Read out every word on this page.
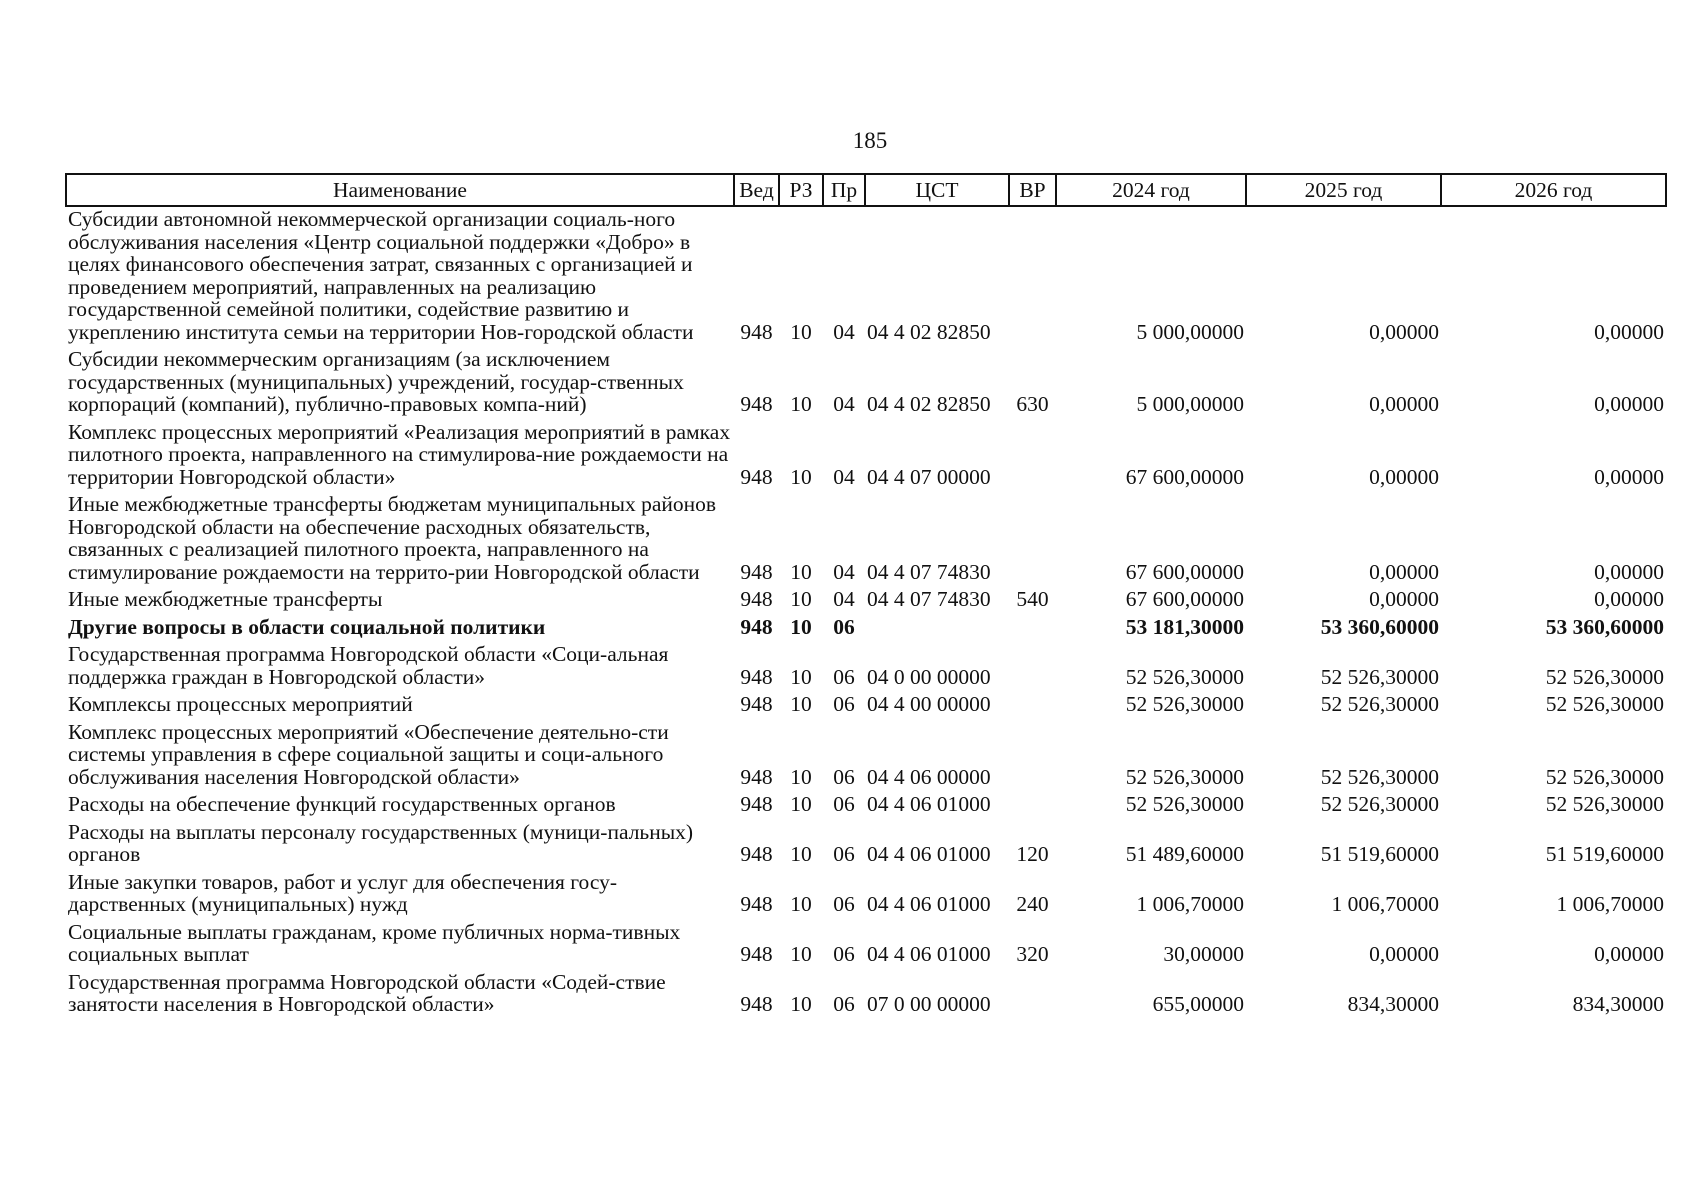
185
Наименование	Вед	РЗ	Пр	ЦСТ	ВР	2024 год	2025 год	2026 год
Субсидии автономной некоммерческой организации социаль-ного обслуживания населения «Центр социальной поддержки «Добро» в целях финансового обеспечения затрат, связанных с организацией и проведением мероприятий, направленных на реализацию государственной семейной политики, содействие развитию и укреплению института семьи на территории Нов-городской области	948	10	04	04 4 02 82850		5 000,00000	0,00000	0,00000
Субсидии некоммерческим организациям (за исключением государственных (муниципальных) учреждений, государ-ственных корпораций (компаний), публично-правовых компа-ний)	948	10	04	04 4 02 82850	630	5 000,00000	0,00000	0,00000
Комплекс процессных мероприятий «Реализация мероприятий в рамках пилотного проекта, направленного на стимулирова-ние рождаемости на территории Новгородской области»	948	10	04	04 4 07 00000		67 600,00000	0,00000	0,00000
Иные межбюджетные трансферты бюджетам муниципальных районов Новгородской области на обеспечение расходных обязательств, связанных с реализацией пилотного проекта, направленного на стимулирование рождаемости на террито-рии Новгородской области	948	10	04	04 4 07 74830		67 600,00000	0,00000	0,00000
Иные межбюджетные трансферты	948	10	04	04 4 07 74830	540	67 600,00000	0,00000	0,00000
Другие вопросы в области социальной политики	948	10	06			53 181,30000	53 360,60000	53 360,60000
Государственная программа Новгородской области «Соци-альная поддержка граждан в Новгородской области»	948	10	06	04 0 00 00000		52 526,30000	52 526,30000	52 526,30000
Комплексы процессных мероприятий	948	10	06	04 4 00 00000		52 526,30000	52 526,30000	52 526,30000
Комплекс процессных мероприятий «Обеспечение деятельно-сти системы управления в сфере социальной защиты и соци-ального обслуживания населения Новгородской области»	948	10	06	04 4 06 00000		52 526,30000	52 526,30000	52 526,30000
Расходы на обеспечение функций государственных органов	948	10	06	04 4 06 01000		52 526,30000	52 526,30000	52 526,30000
Расходы на выплаты персоналу государственных (муници-пальных) органов	948	10	06	04 4 06 01000	120	51 489,60000	51 519,60000	51 519,60000
Иные закупки товаров, работ и услуг для обеспечения госу-дарственных (муниципальных) нужд	948	10	06	04 4 06 01000	240	1 006,70000	1 006,70000	1 006,70000
Социальные выплаты гражданам, кроме публичных норма-тивных социальных выплат	948	10	06	04 4 06 01000	320	30,00000	0,00000	0,00000
Государственная программа Новгородской области «Содей-ствие занятости населения в Новгородской области»	948	10	06	07 0 00 00000		655,00000	834,30000	834,30000
